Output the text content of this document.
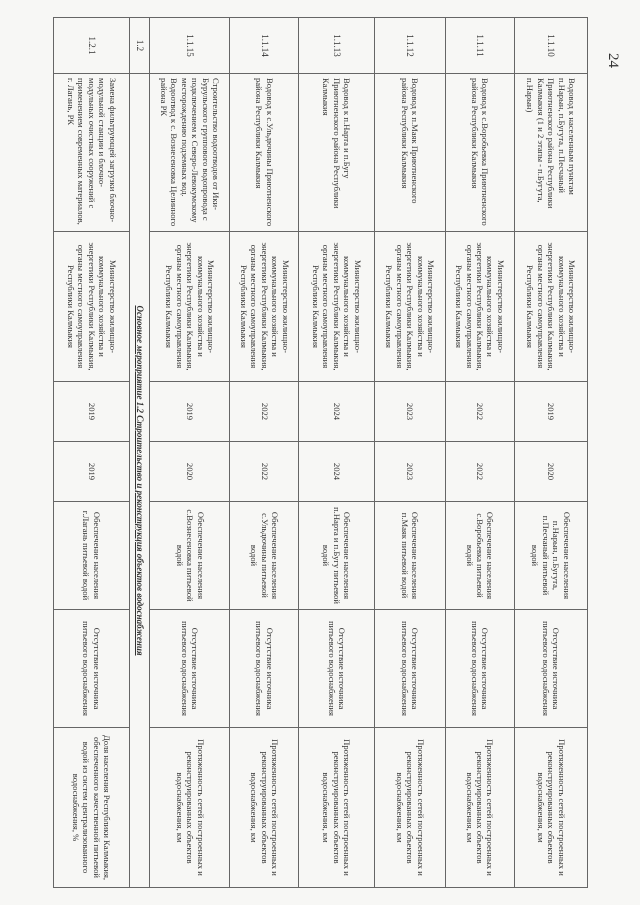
24
1.1.10	Водовод к населенным пунктам п.Нарын, п.Бугута, п.Песчаный Приютненского района Республики Калмыкия (1 и 2 этапы - п.Бугута, п.Нарын)	Министерство жилищно-коммунального хозяйства и энергетики Республики Калмыкия, органы местного самоуправления Республики Калмыкия	2019	2020	Обеспечение населения п.Нарын, п.Бугута, п.Песчаный питьевой водой	Отсутствие источника питьевого водоснабжения	Протяженность сетей построенных и реконструированных объектов водоснабжения, км
1.1.11	Водовод к с.Воробьевка Приютненского района Республики Калмыкия	Министерство жилищно-коммунального хозяйства и энергетики Республики Калмыкия, органы местного самоуправления Республики Калмыкия	2022	2022	Обеспечение населения с.Воробьевка питьевой водой	Отсутствие источника питьевого водоснабжения	Протяженность сетей построенных и реконструированных объектов водоснабжения, км
1.1.12	Водовод к п.Маяк Приютненского района Республики Калмыкия	Министерство жилищно-коммунального хозяйства и энергетики Республики Калмыкия, органы местного самоуправления Республики Калмыкия	2023	2023	Обеспечение населения п.Маяк питьевой водой	Отсутствие источника питьевого водоснабжения	Протяженность сетей построенных и реконструированных объектов водоснабжения, км
1.1.13	Водовод к п.Нарта и п.Бугу Приютненского района Республики Калмыкия	Министерство жилищно-коммунального хозяйства и энергетики Республики Калмыкия, органы местного самоуправления Республики Калмыкия	2024	2024	Обеспечение населения п.Нарта и п.Бугу питьевой водой	Отсутствие источника питьевого водоснабжения	Протяженность сетей построенных и реконструированных объектов водоснабжения, км
1.1.14	Водовод к с.Ульдючины Приютненского района Республики Калмыкия	Министерство жилищно-коммунального хозяйства и энергетики Республики Калмыкия, органы местного самоуправления Республики Калмыкия	2022	2022	Обеспечение населения с.Ульдючины питьевой водой	Отсутствие источника питьевого водоснабжения	Протяженность сетей построенных и реконструированных объектов водоснабжения, км
1.1.15	Строительство водоотводов от Ики-Бурульского группового водопровода с подключением к Северо-Левокумскому месторождению подземных вод. Водоотвод к с. Вознесеновка Целинного района РК	Министерство жилищно-коммунального хозяйства и энергетики Республики Калмыкия, органы местного самоуправления Республики Калмыкия	2019	2020	Обеспечение населения с.Вознесеновка питьевой водой	Отсутствие источника питьевого водоснабжения	Протяженность сетей построенных и реконструированных объектов водоснабжения, км
1.2	Основное мероприятие 1.2 Строительство и реконструкция объектов водоснабжения						
1.2.1	Замена фильтрующей загрузки блочно-модульной станции и блочно-модульных очистных сооружений с применением современных материалов, г. Лагань, РК	Министерство жилищно-коммунального хозяйства и энергетики Республики Калмыкия, органы местного самоуправления Республики Калмыкия	2019	2019	Обеспечение населения г.Лагань питьевой водой	Отсутствие источника питьевого водоснабжения	Доля населения Республики Калмыкия, обеспеченного качественной питьевой водой из систем централизованного водоснабжения, %
